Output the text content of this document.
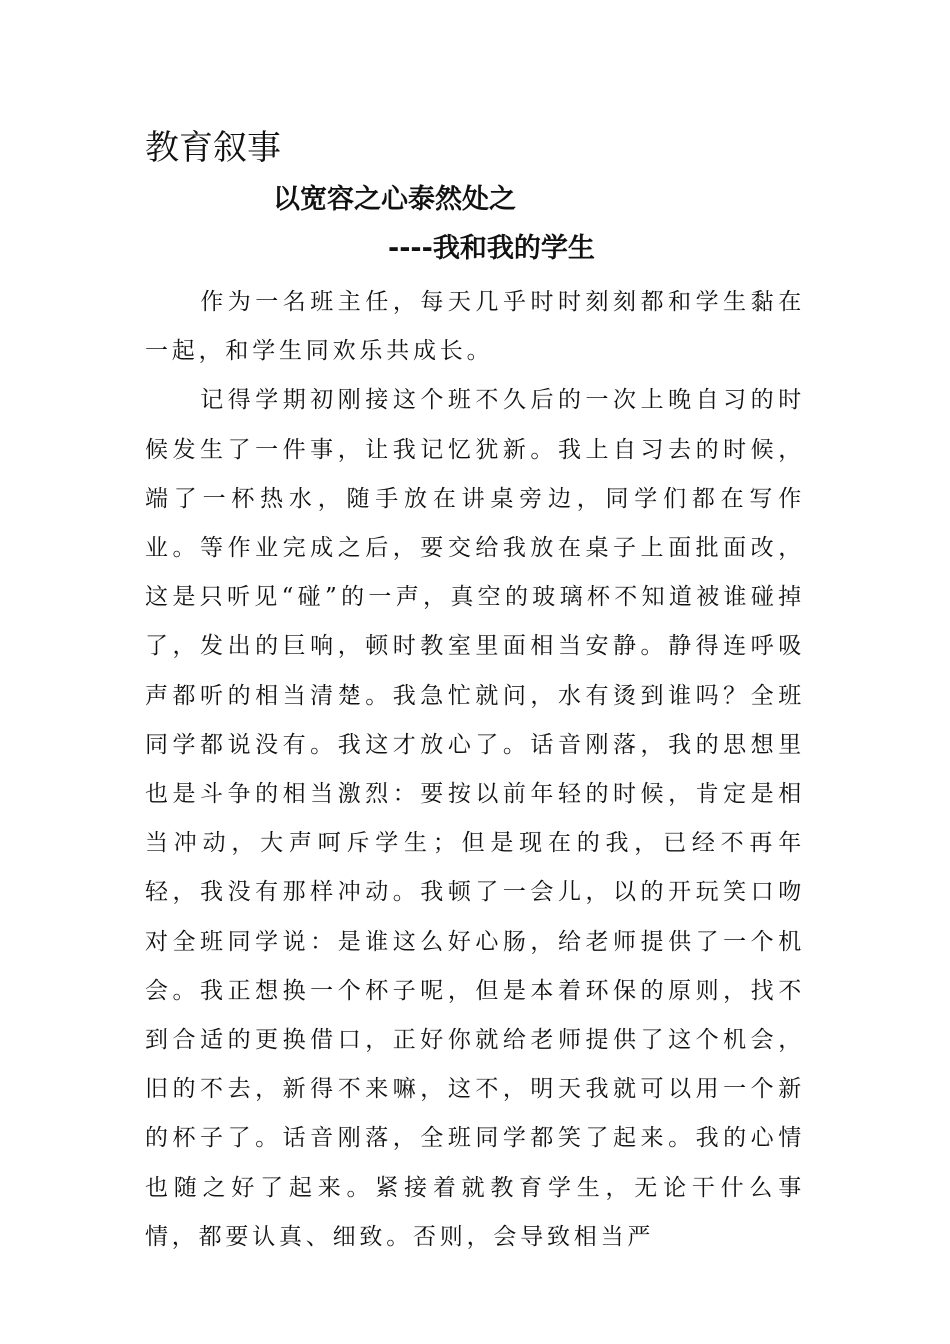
教育叙事
以宽容之心泰然处之
----我和我的学生

作为一名班主任，每天几乎时时刻刻都和学生黏在一起，和学生同欢乐共成长。

记得学期初刚接这个班不久后的一次上晚自习的时候发生了一件事，让我记忆犹新。我上自习去的时候，端了一杯热水，随手放在讲桌旁边，同学们都在写作业。等作业完成之后，要交给我放在桌子上面批面改，这是只听见“碰”的一声，真空的玻璃杯不知道被谁碰掉了，发出的巨响，顿时教室里面相当安静。静得连呼吸声都听的相当清楚。我急忙就问，水有烫到谁吗？全班同学都说没有。我这才放心了。话音刚落，我的思想里也是斗争的相当激烈：要按以前年轻的时候，肯定是相当冲动，大声呵斥学生；但是现在的我，已经不再年轻，我没有那样冲动。我顿了一会儿，以的开玩笑口吻对全班同学说：是谁这么好心肠，给老师提供了一个机会。我正想换一个杯子呢，但是本着环保的原则，找不到合适的更换借口，正好你就给老师提供了这个机会，旧的不去，新得不来嘛，这不，明天我就可以用一个新的杯子了。话音刚落，全班同学都笑了起来。我的心情也随之好了起来。紧接着就教育学生，无论干什么事情，都要认真、细致。否则，会导致相当严
